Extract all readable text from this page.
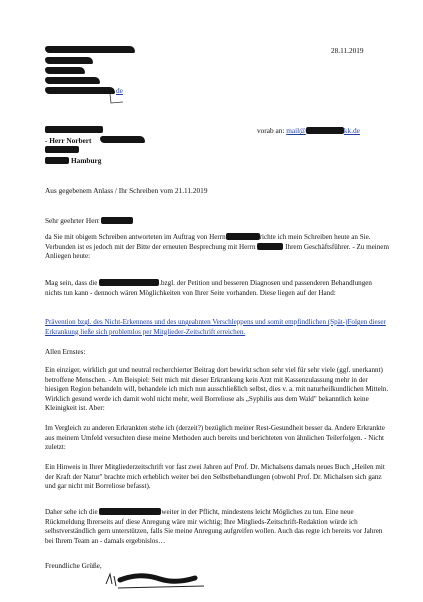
de
28.11.2019
- Herr Norbert
Hamburg
vorab an: mail@	kk.de
Aus gegebenem Anlass / Ihr Schreiben vom 21.11.2019
Sehr geehrter Herr
da Sie mit obigem Schreiben antworteten im Auftrag von Herrn	richte ich mein Schreiben heute an Sie. Verbunden ist es jedoch mit der Bitte der erneuten Besprechung mit Herrn	Ihrem Geschäftsführer. - Zu meinem Anliegen heute:
Mag sein, dass die	.bzgl. der Petition und besseren Diagnosen und passenderen Behandlungen nichts tun kann - dennoch wären Möglichkeiten von Ihrer Seite vorhanden. Diese liegen auf der Hand:
Prävention bzgl. des Nicht-Erkennens und des ungeahnten Verschleppens und somit empfindlichen (Spät-)Folgen dieser Erkrankung ließe sich problemlos per Mitglieder-Zeitschrift erreichen.
Allen Ernstes:
Ein einziger, wirklich gut und neutral recherchierter Beitrag dort bewirkt schon sehr viel für sehr viele (ggf. unerkannt) betroffene Menschen. - Am Beispiel: Seit mich mit dieser Erkrankung kein Arzt mit Kassenzulassung mehr in der hiesigen Region behandeln will, behandele ich mich nun ausschließlich selbst, dies v. a. mit naturheilkundlichen Mitteln. Wirklich gesund werde ich damit wohl nicht mehr, weil Borreliose als „Syphilis aus dem Wald" bekanntlich keine Kleinigkeit ist. Aber:
Im Vergleich zu anderen Erkrankten stehe ich (derzeit?) bezüglich meiner Rest-Gesundheit besser da. Andere Erkrankte aus meinem Umfeld versuchten diese meine Methoden auch bereits und berichteten von ähnlichen Teilerfolgen. - Nicht zuletzt:
Ein Hinweis in Ihrer Mitgliederzeitschrift vor fast zwei Jahren auf Prof. Dr. Michalsens damals neues Buch „Heilen mit der Kraft der Natur" brachte mich erheblich weiter bei den Selbstbehandlungen (obwohl Prof. Dr. Michalsen sich ganz und gar nicht mit Borreliose befasst).
Daher sehe ich die	weiter in der Pflicht, mindestens leicht Mögliches zu tun. Eine neue Rückmeldung Ihrerseits auf diese Anregung wäre mir wichtig; Ihre Mitglieds-Zeitschrift-Redaktion würde ich selbstverständlich gern unterstützen, falls Sie meine Anregung aufgreifen wollen. Auch das regte ich bereits vor Jahren bei Ihrem Team an - damals ergebnislos…
Freundliche Grüße,
